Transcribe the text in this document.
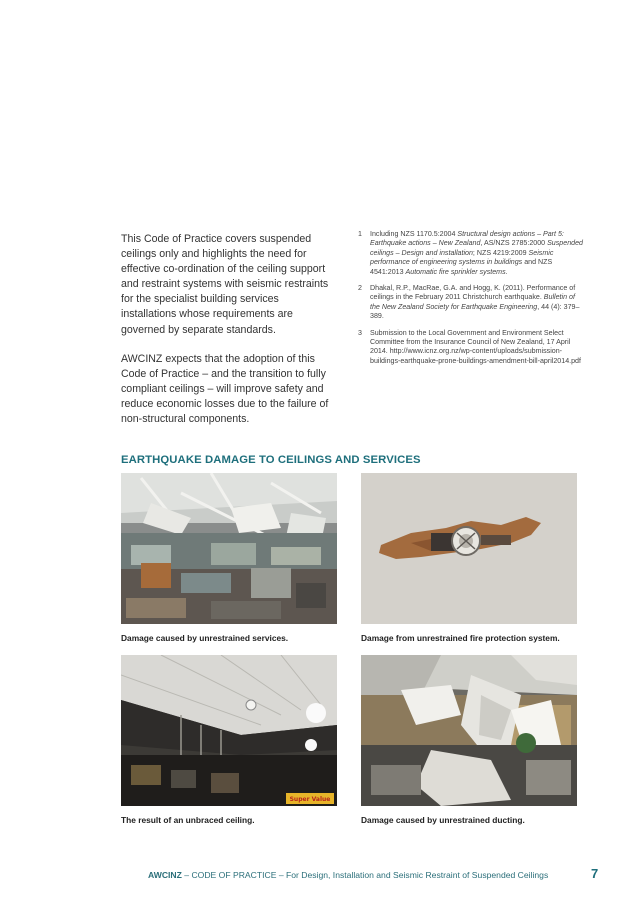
This Code of Practice covers suspended ceilings only and highlights the need for effective co-ordination of the ceiling support and restraint systems with seismic restraints for the specialist building services installations whose requirements are governed by separate standards.

AWCINZ expects that the adoption of this Code of Practice – and the transition to fully compliant ceilings – will improve safety and reduce economic losses due to the failure of non-structural components.

1	Including NZS 1170.5:2004 Structural design actions – Part 5: Earthquake actions – New Zealand, AS/NZS 2785:2000 Suspended ceilings – Design and installation; NZS 4219:2009 Seismic performance of engineering systems in buildings and NZS 4541:2013 Automatic fire sprinkler systems.
2	Dhakal, R.P., MacRae, G.A. and Hogg, K. (2011). Performance of ceilings in the February 2011 Christchurch earthquake. Bulletin of the New Zealand Society for Earthquake Engineering, 44 (4): 379–389.
3	Submission to the Local Government and Environment Select Committee from the Insurance Council of New Zealand, 17 April 2014. http://www.icnz.org.nz/wp-content/uploads/submission-buildings-earthquake-prone-buildings-amendment-bill-april2014.pdf
EARTHQUAKE DAMAGE TO CEILINGS AND SERVICES
Damage caused by unrestrained services.	Damage from unrestrained fire protection system.
Super Value
The result of an unbraced ceiling.	Damage caused by unrestrained ducting.
AWCINZ – CODE OF PRACTICE – For Design, Installation and Seismic Restraint of Suspended Ceilings	7
